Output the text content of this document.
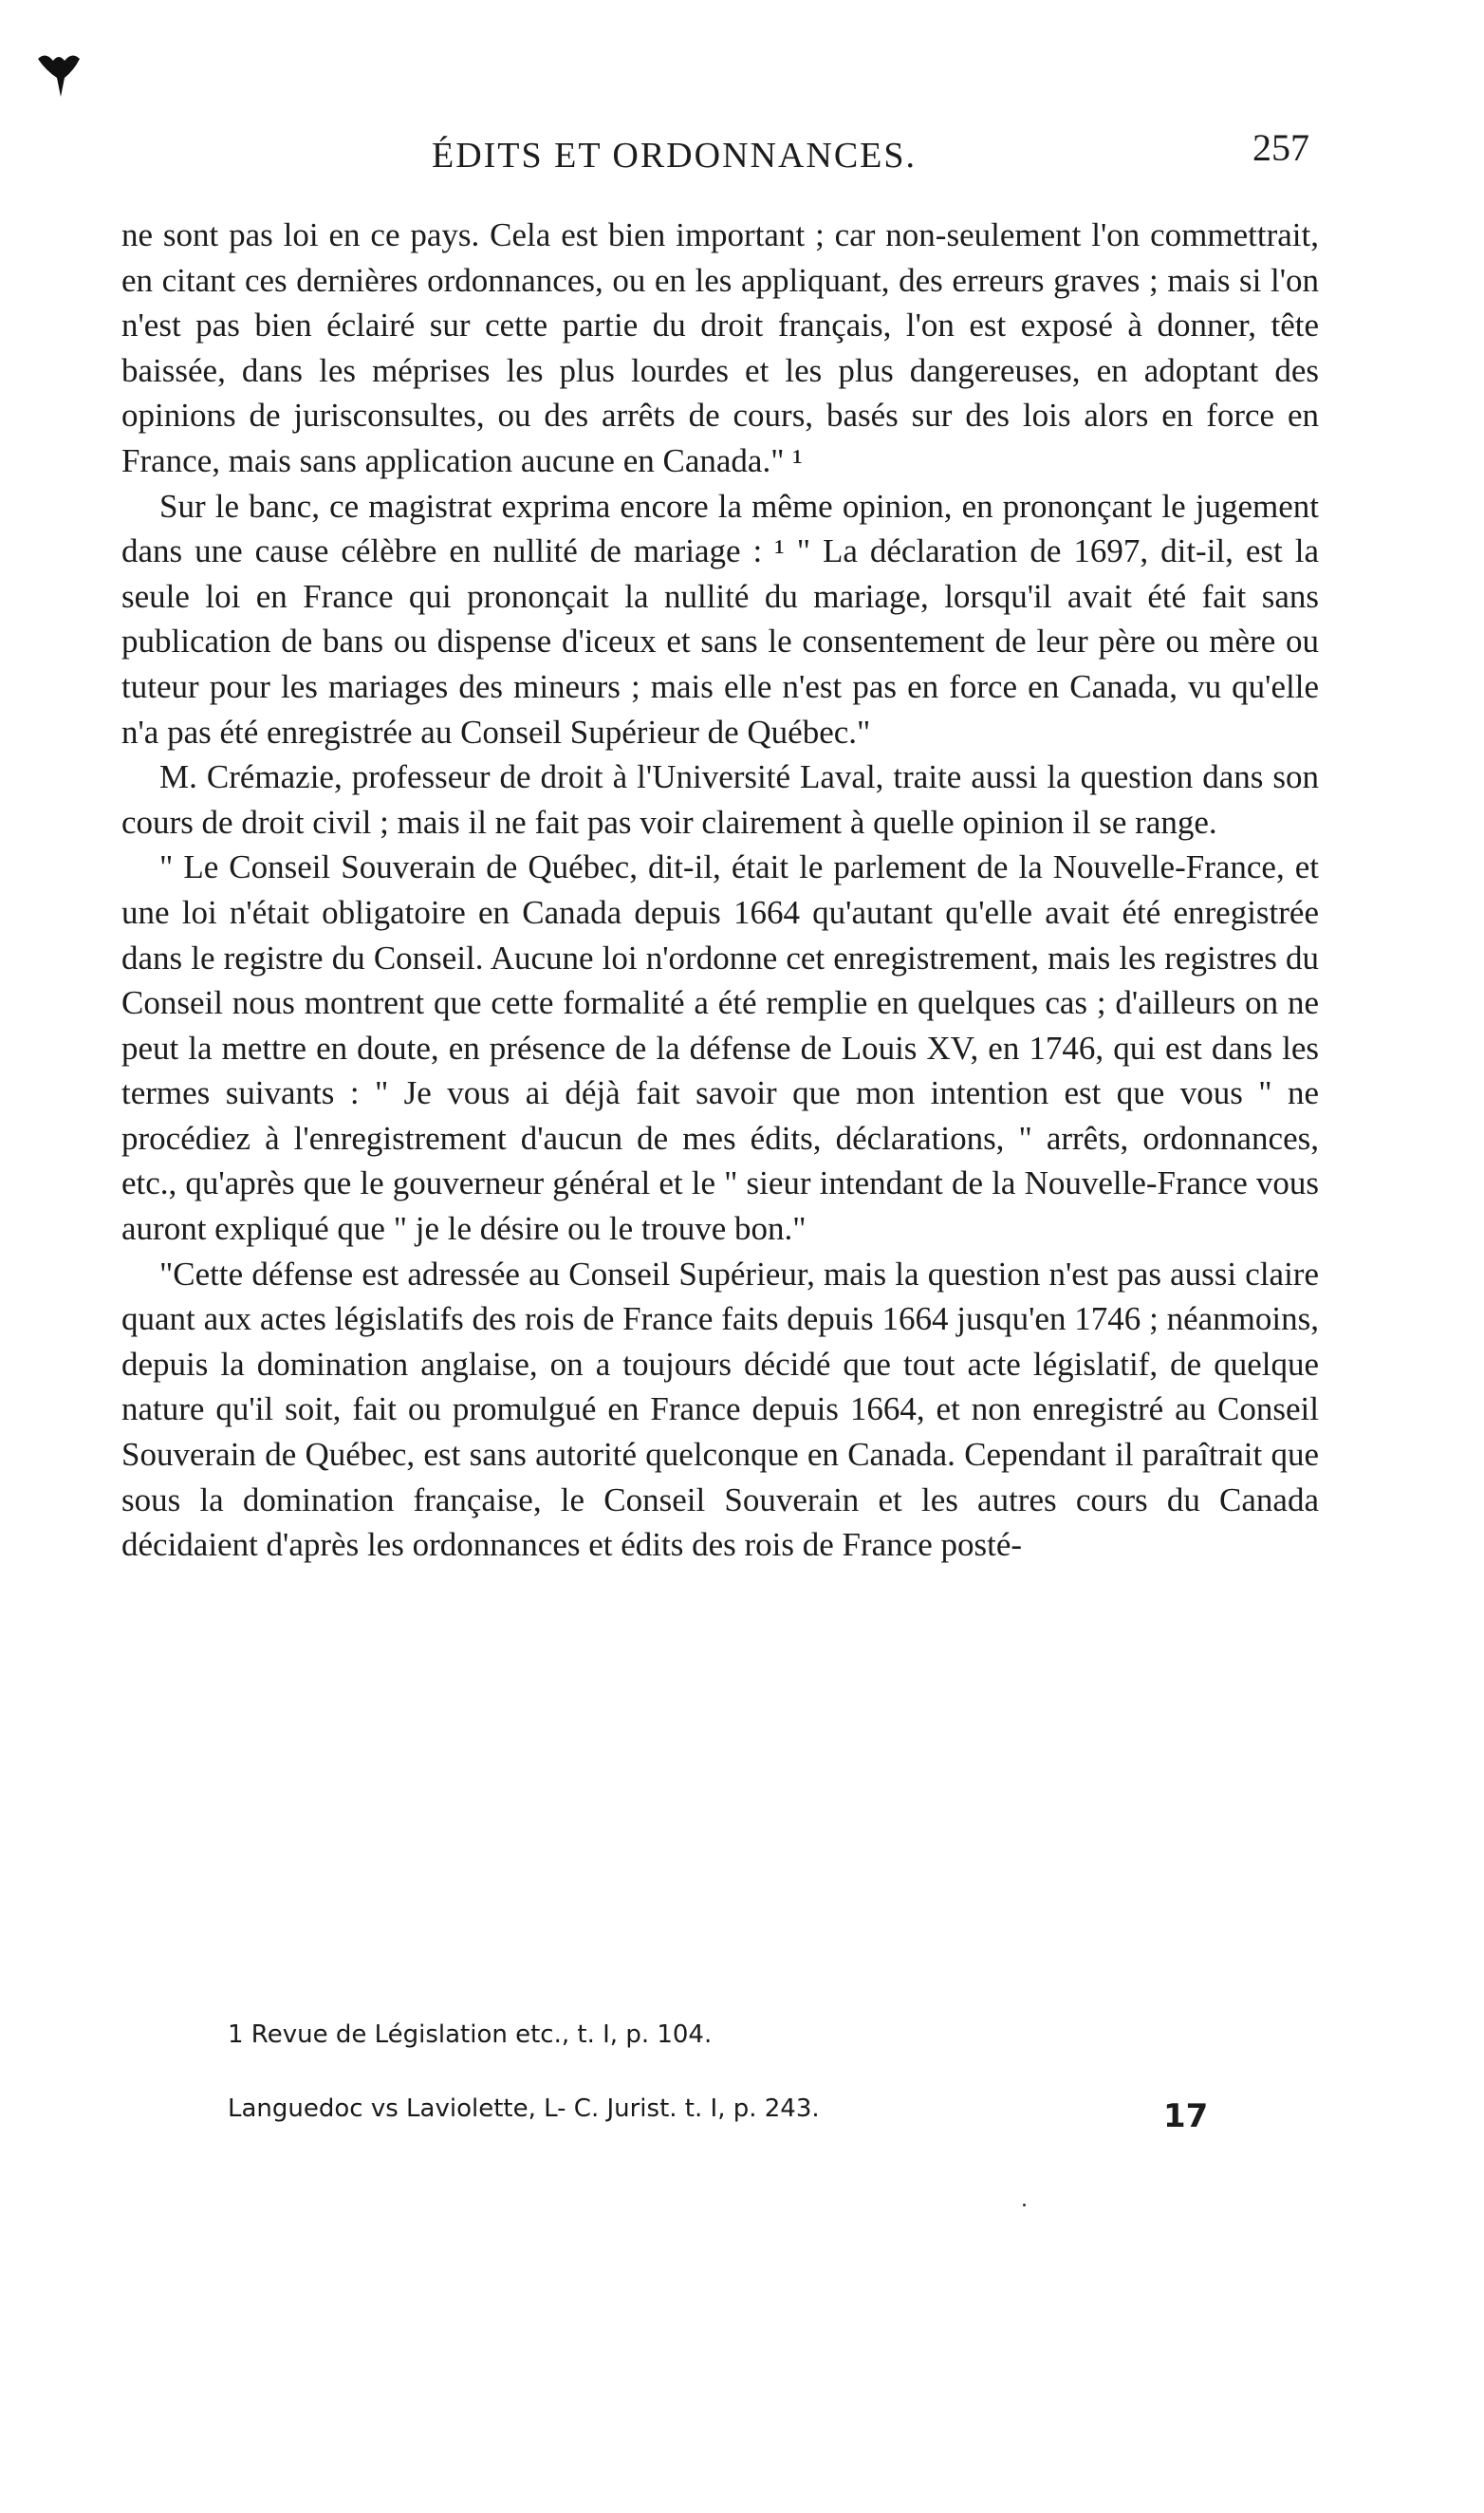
ÉDITS ET ORDONNANCES.	257

ne sont pas loi en ce pays. Cela est bien important ; car non-seulement l'on commettrait, en citant ces dernières ordonnances, ou en les appliquant, des erreurs graves ; mais si l'on n'est pas bien éclairé sur cette partie du droit français, l'on est exposé à donner, tête baissée, dans les méprises les plus lourdes et les plus dangereuses, en adoptant des opinions de jurisconsultes, ou des arrêts de cours, basés sur des lois alors en force en France, mais sans application aucune en Canada." ¹

Sur le banc, ce magistrat exprima encore la même opinion, en prononçant le jugement dans une cause célèbre en nullité de mariage : ¹ " La déclaration de 1697, dit-il, est la seule loi en France qui prononçait la nullité du mariage, lorsqu'il avait été fait sans publication de bans ou dispense d'iceux et sans le consentement de leur père ou mère ou tuteur pour les mariages des mineurs ; mais elle n'est pas en force en Canada, vu qu'elle n'a pas été enregistrée au Conseil Supérieur de Québec."

M. Crémazie, professeur de droit à l'Université Laval, traite aussi la question dans son cours de droit civil ; mais il ne fait pas voir clairement à quelle opinion il se range.

" Le Conseil Souverain de Québec, dit-il, était le parlement de la Nouvelle-France, et une loi n'était obligatoire en Canada depuis 1664 qu'autant qu'elle avait été enregistrée dans le registre du Conseil. Aucune loi n'ordonne cet enregistrement, mais les registres du Conseil nous montrent que cette formalité a été remplie en quelques cas ; d'ailleurs on ne peut la mettre en doute, en présence de la défense de Louis XV, en 1746, qui est dans les termes suivants : " Je vous ai déjà fait savoir que mon intention est que vous " ne procédiez à l'enregistrement d'aucun de mes édits, déclarations, " arrêts, ordonnances, etc., qu'après que le gouverneur général et le " sieur intendant de la Nouvelle-France vous auront expliqué que " je le désire ou le trouve bon."

"Cette défense est adressée au Conseil Supérieur, mais la question n'est pas aussi claire quant aux actes législatifs des rois de France faits depuis 1664 jusqu'en 1746 ; néanmoins, depuis la domination anglaise, on a toujours décidé que tout acte législatif, de quelque nature qu'il soit, fait ou promulgué en France depuis 1664, et non enregistré au Conseil Souverain de Québec, est sans autorité quelconque en Canada. Cependant il paraîtrait que sous la domination française, le Conseil Souverain et les autres cours du Canada décidaient d'après les ordonnances et édits des rois de France posté-

1 Revue de Législation etc., t. I, p. 104.

Languedoc vs Laviolette, L- C. Jurist. t. I, p. 243.	17
